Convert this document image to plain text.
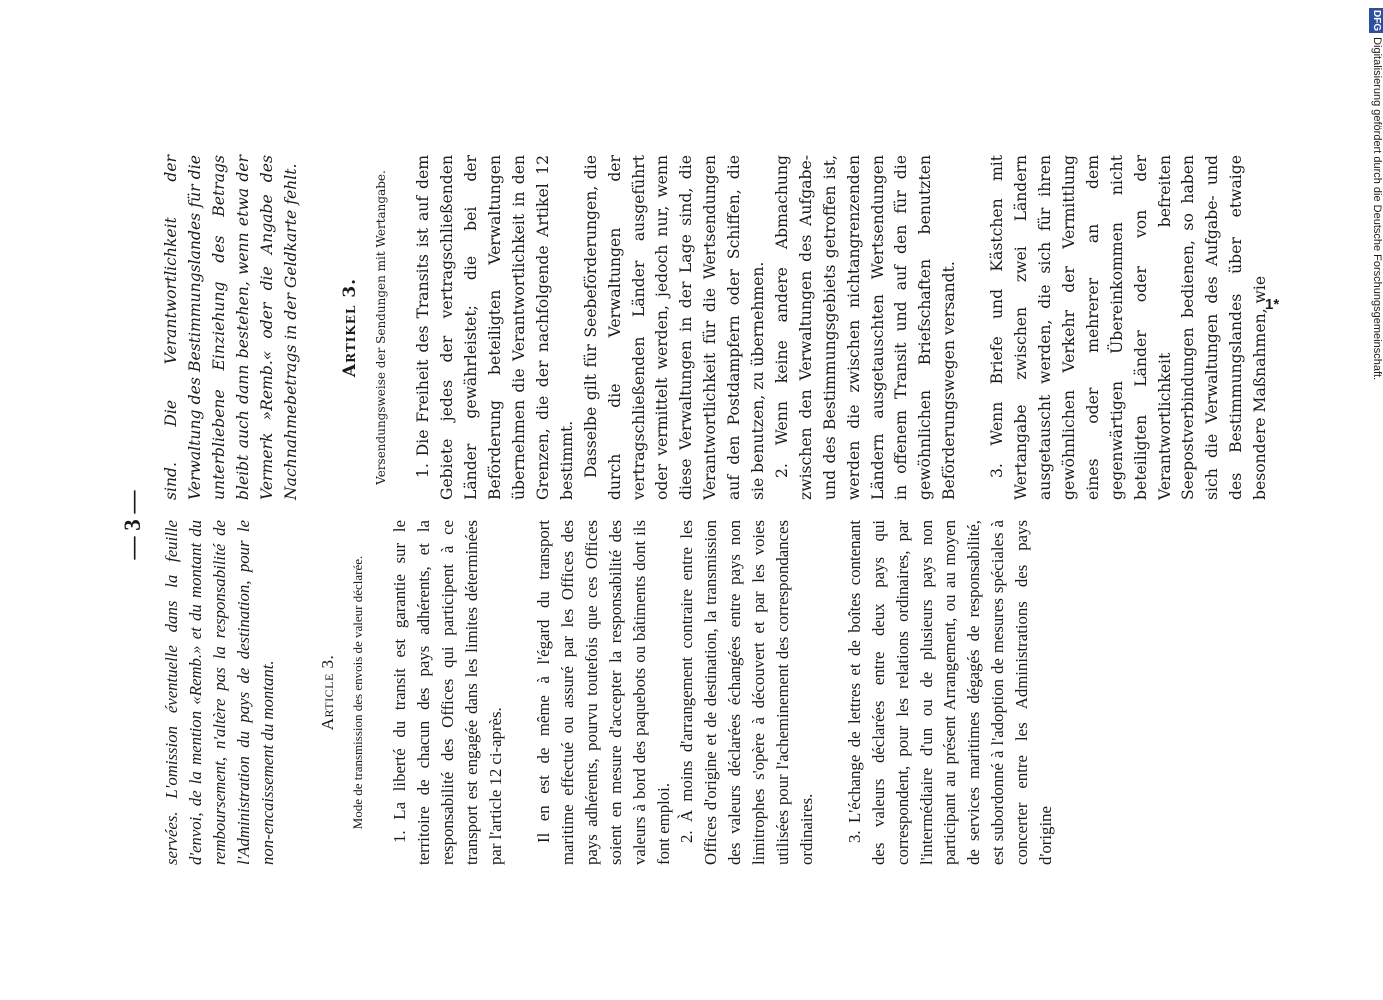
— 3 — servées. L'omission éventuelle dans la feuille d'envoi, de la mention «Remb.» et du montant du remboursement, n'altère pas la responsabilité de l'Administration du pays de destination, pour le non-encaissement du montant. Article 3. Mode de transmission des envois de valeur déclarée. 1. La liberté du transit est garantie sur le territoire de chacun des pays adhérents, et la responsabilité des Offices qui participent à ce transport est engagée dans les limites déterminées par l'article 12 ci-après. Il en est de même à l'égard du transport maritime effectué ou assuré par les Offices des pays adhérents, pourvu toutefois que ces Offices soient en mesure d'accepter la responsabilité des valeurs à bord des paquebots ou bâtiments dont ils font emploi. 2. À moins d'arrangement contraire entre les Offices d'origine et de destination, la transmission des valeurs déclarées échangées entre pays non limitrophes s'opère à découvert et par les voies utilisées pour l'acheminement des correspondances ordinaires. 3. L'échange de lettres et de boîtes contenant des valeurs déclarées entre deux pays qui correspondent, pour les relations ordinaires, par l'intermédiaire d'un ou de plusieurs pays non participant au présent Arrangement, ou au moyen de services maritimes dégagés de responsabilité, est subordonné à l'adoption de mesures spéciales à concerter entre les Administrations des pays d'origine

sind. Die Verantwortlichkeit der Verwaltung des Bestimmungslandes für die unterbliebene Einziehung des Betrags bleibt auch dann bestehen, wenn etwa der Vermerk »Remb.« oder die Angabe des Nachnahmebetrags in der Geldkarte fehlt. Artikel 3. Versendungsweise der Sendungen mit Wertangabe. 1. Die Freiheit des Transits ist auf dem Gebiete jedes der vertragschließenden Länder gewährleistet; die bei der Beförderung beteiligten Verwaltungen übernehmen die Verantwortlichkeit in den Grenzen, die der nachfolgende Artikel 12 bestimmt. Dasselbe gilt für Seebeförderungen, die durch die Verwaltungen der vertragschließenden Länder ausgeführt oder vermittelt werden, jedoch nur, wenn diese Verwaltungen in der Lage sind, die Verantwortlichkeit für die Wertsendungen auf den Postdampfern oder Schiffen, die sie benutzen, zu übernehmen. 2. Wenn keine andere Abmachung zwischen den Verwaltungen des Aufgabe- und des Bestimmungsgebiets getroffen ist, werden die zwischen nichtangrenzenden Ländern ausgetauschten Wertsendungen in offenem Transit und auf den für die gewöhnlichen Briefschaften benutzten Beförderungswegen versandt. 3. Wenn Briefe und Kästchen mit Wertangabe zwischen zwei Ländern ausgetauscht werden, die sich für ihren gewöhnlichen Verkehr der Vermittlung eines oder mehrerer an dem gegenwärtigen Übereinkommen nicht beteiligten Länder oder von der Verantwortlichkeit befreiten Seepostverbindungen bedienen, so haben sich die Verwaltungen des Aufgabe- und des Bestimmungslandes über etwaige besondere Maßnahmen, wie

1*
DFGDigitalisierung gefördert durch die Deutsche Forschungsgemeinschaft.
